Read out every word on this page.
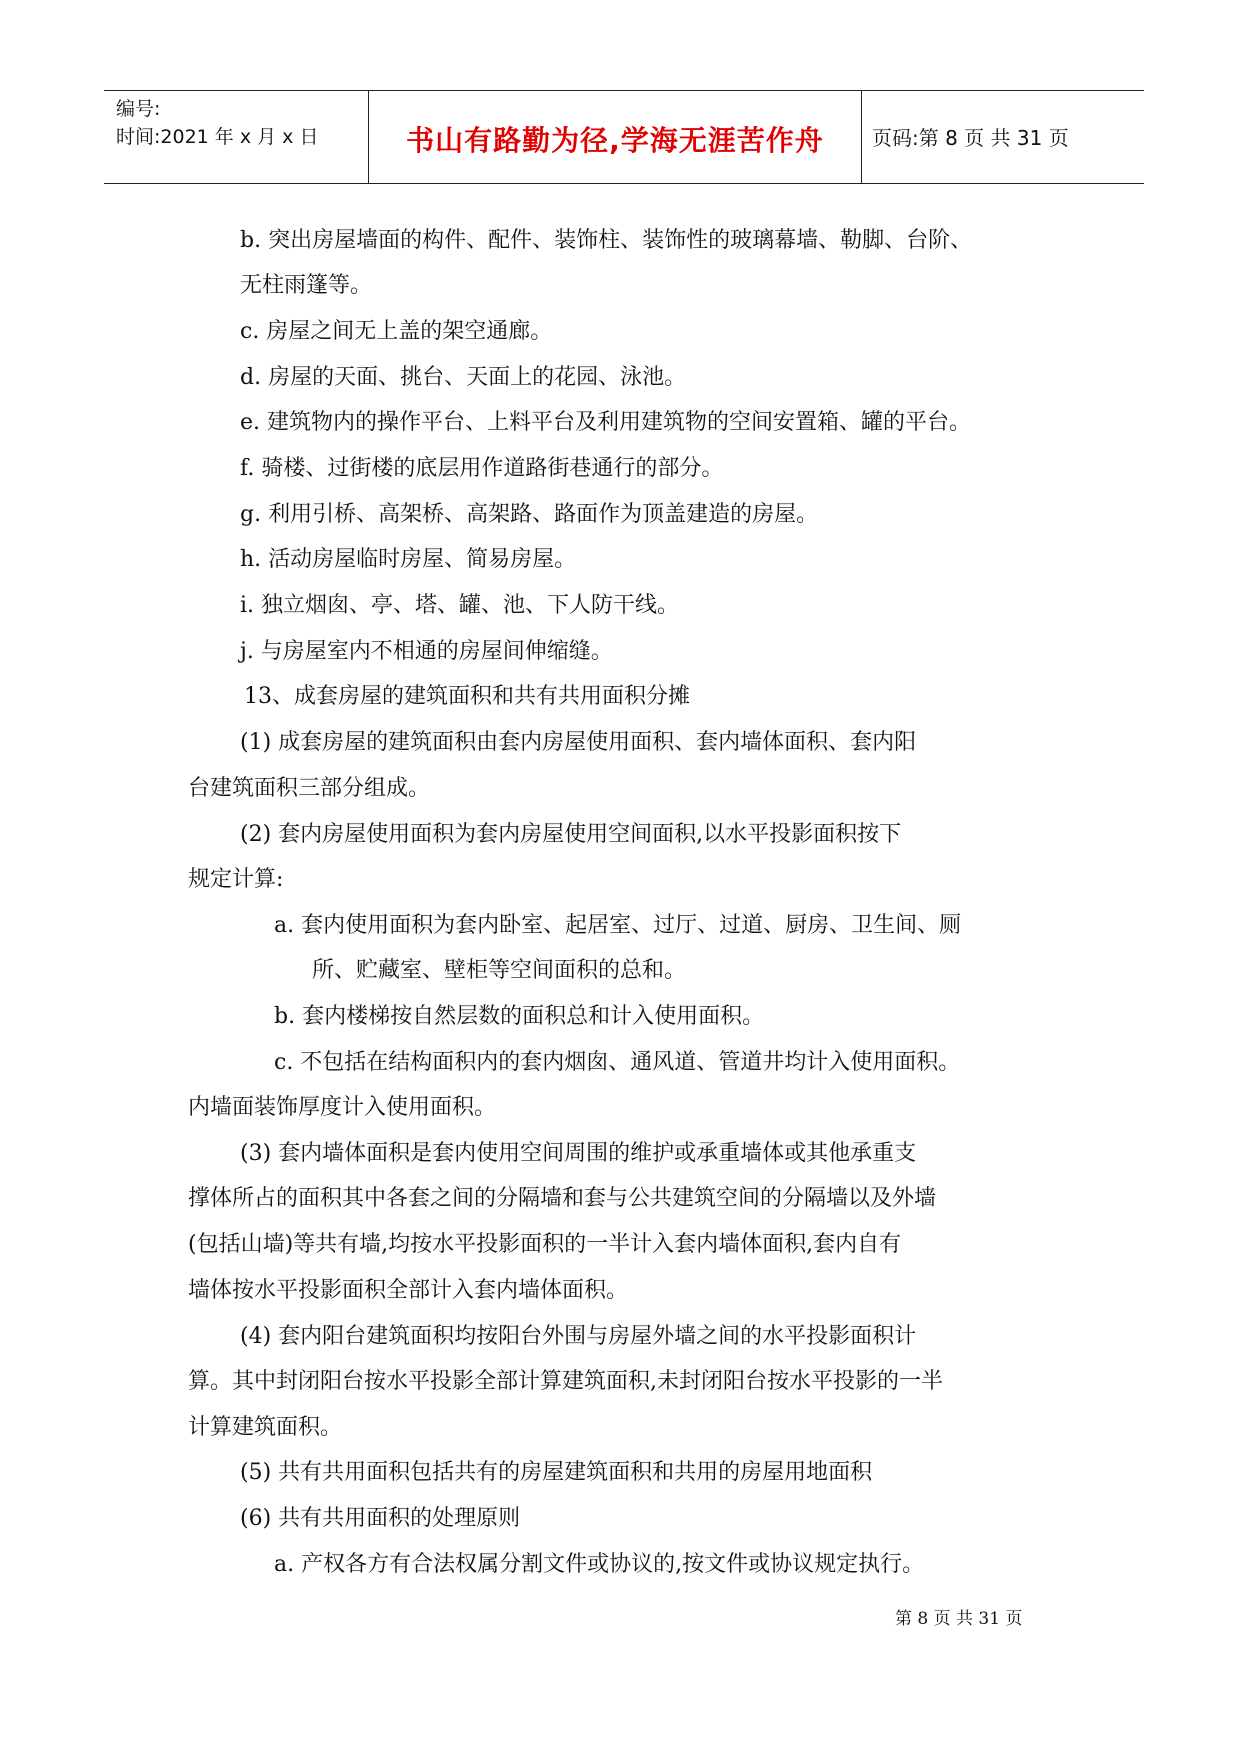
编号:
时间:2021 年 x 月 x 日	书山有路勤为径,学海无涯苦作舟	页码:第 8 页 共 31 页
b. 突出房屋墙面的构件、配件、装饰柱、装饰性的玻璃幕墙、勒脚、台阶、
无柱雨篷等。
c. 房屋之间无上盖的架空通廊。
d. 房屋的天面、挑台、天面上的花园、泳池。
e. 建筑物内的操作平台、上料平台及利用建筑物的空间安置箱、罐的平台。
f. 骑楼、过街楼的底层用作道路街巷通行的部分。
g. 利用引桥、高架桥、高架路、路面作为顶盖建造的房屋。
h. 活动房屋临时房屋、简易房屋。
i. 独立烟囱、亭、塔、罐、池、下人防干线。
j. 与房屋室内不相通的房屋间伸缩缝。
13、成套房屋的建筑面积和共有共用面积分摊
(1) 成套房屋的建筑面积由套内房屋使用面积、套内墙体面积、套内阳
台建筑面积三部分组成。
(2) 套内房屋使用面积为套内房屋使用空间面积,以水平投影面积按下
规定计算:
a. 套内使用面积为套内卧室、起居室、过厅、过道、厨房、卫生间、厕
所、贮藏室、壁柜等空间面积的总和。
b. 套内楼梯按自然层数的面积总和计入使用面积。
c. 不包括在结构面积内的套内烟囱、通风道、管道井均计入使用面积。
内墙面装饰厚度计入使用面积。
(3) 套内墙体面积是套内使用空间周围的维护或承重墙体或其他承重支
撑体所占的面积其中各套之间的分隔墙和套与公共建筑空间的分隔墙以及外墙
(包括山墙)等共有墙,均按水平投影面积的一半计入套内墙体面积,套内自有
墙体按水平投影面积全部计入套内墙体面积。
(4) 套内阳台建筑面积均按阳台外围与房屋外墙之间的水平投影面积计
算。其中封闭阳台按水平投影全部计算建筑面积,未封闭阳台按水平投影的一半
计算建筑面积。
(5) 共有共用面积包括共有的房屋建筑面积和共用的房屋用地面积
(6) 共有共用面积的处理原则
a. 产权各方有合法权属分割文件或协议的,按文件或协议规定执行。
第 8 页 共 31 页
